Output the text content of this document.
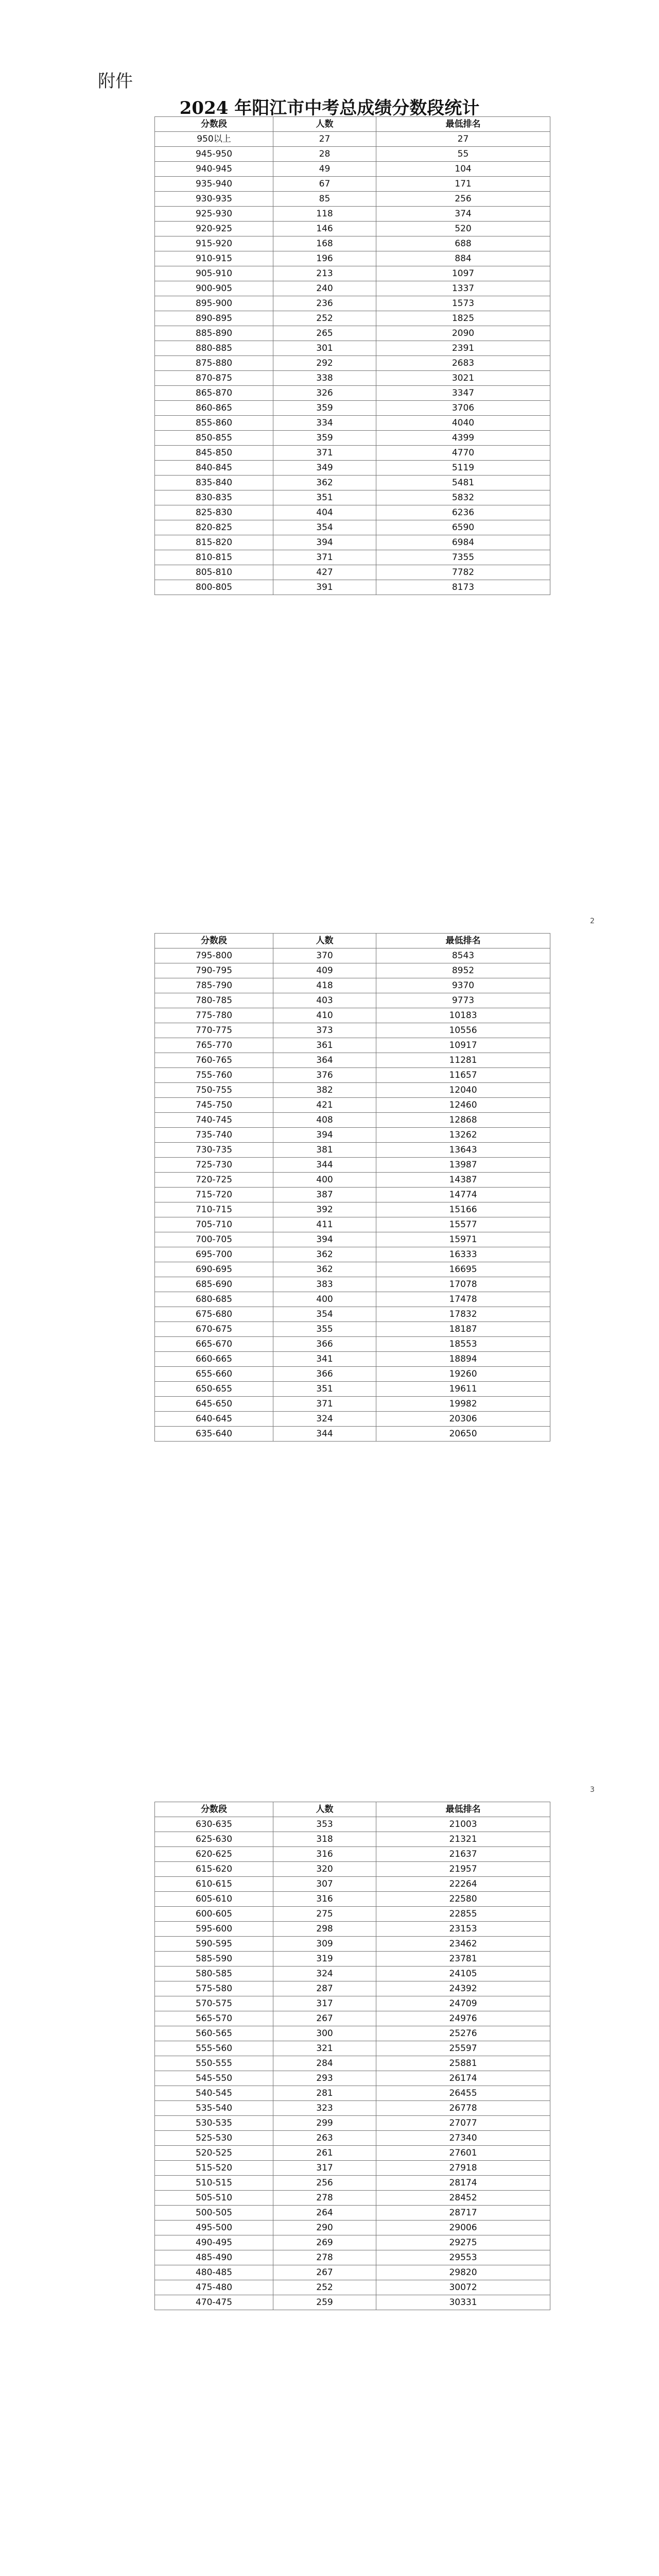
附件
2024 年阳江市中考总成绩分数段统计
分数段	人数	最低排名
950以上	27	27
945-950	28	55
940-945	49	104
935-940	67	171
930-935	85	256
925-930	118	374
920-925	146	520
915-920	168	688
910-915	196	884
905-910	213	1097
900-905	240	1337
895-900	236	1573
890-895	252	1825
885-890	265	2090
880-885	301	2391
875-880	292	2683
870-875	338	3021
865-870	326	3347
860-865	359	3706
855-860	334	4040
850-855	359	4399
845-850	371	4770
840-845	349	5119
835-840	362	5481
830-835	351	5832
825-830	404	6236
820-825	354	6590
815-820	394	6984
810-815	371	7355
805-810	427	7782
800-805	391	8173
分数段	人数	最低排名
795-800	370	8543
790-795	409	8952
785-790	418	9370
780-785	403	9773
775-780	410	10183
770-775	373	10556
765-770	361	10917
760-765	364	11281
755-760	376	11657
750-755	382	12040
745-750	421	12460
740-745	408	12868
735-740	394	13262
730-735	381	13643
725-730	344	13987
720-725	400	14387
715-720	387	14774
710-715	392	15166
705-710	411	15577
700-705	394	15971
695-700	362	16333
690-695	362	16695
685-690	383	17078
680-685	400	17478
675-680	354	17832
670-675	355	18187
665-670	366	18553
660-665	341	18894
655-660	366	19260
650-655	351	19611
645-650	371	19982
640-645	324	20306
635-640	344	20650
分数段	人数	最低排名
630-635	353	21003
625-630	318	21321
620-625	316	21637
615-620	320	21957
610-615	307	22264
605-610	316	22580
600-605	275	22855
595-600	298	23153
590-595	309	23462
585-590	319	23781
580-585	324	24105
575-580	287	24392
570-575	317	24709
565-570	267	24976
560-565	300	25276
555-560	321	25597
550-555	284	25881
545-550	293	26174
540-545	281	26455
535-540	323	26778
530-535	299	27077
525-530	263	27340
520-525	261	27601
515-520	317	27918
510-515	256	28174
505-510	278	28452
500-505	264	28717
495-500	290	29006
490-495	269	29275
485-490	278	29553
480-485	267	29820
475-480	252	30072
470-475	259	30331

2
3
